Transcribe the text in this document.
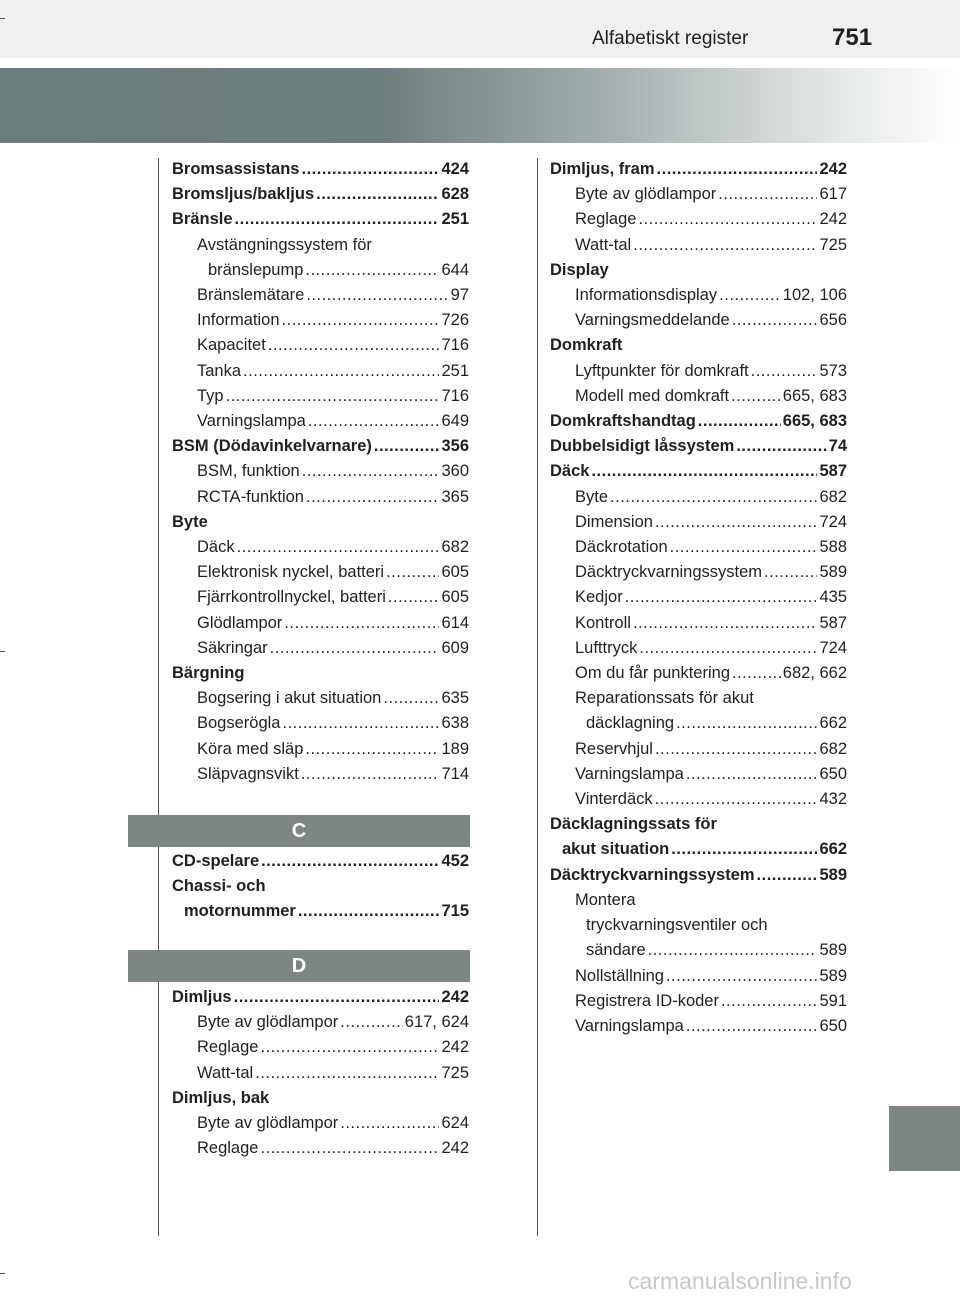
Alfabetiskt register	751
Bromsassistans .....	424
Bromsljus/bakljus .....	628
Bränsle .....	251
Avstängningssystem för
bränslepump .....	644
Bränslemätare .....	97
Information .....	726
Kapacitet .....	716
Tanka .....	251
Typ .....	716
Varningslampa .....	649
BSM (Dödavinkelvarnare) .....	356
BSM, funktion .....	360
RCTA-funktion .....	365
Byte
Däck .....	682
Elektronisk nyckel, batteri .....	605
Fjärrkontrollnyckel, batteri .....	605
Glödlampor .....	614
Säkringar .....	609
Bärgning
Bogsering i akut situation .....	635
Bogserögla .....	638
Köra med släp .....	189
Släpvagnsvikt .....	714
C
CD-spelare .....	452
Chassi- och
motornummer .....	715
D
Dimljus .....	242
Byte av glödlampor .....	617, 624
Reglage .....	242
Watt-tal .....	725
Dimljus, bak
Byte av glödlampor .....	624
Reglage .....	242
Dimljus, fram .....	242
Byte av glödlampor .....	617
Reglage .....	242
Watt-tal .....	725
Display
Informationsdisplay .....	102, 106
Varningsmeddelande .....	656
Domkraft
Lyftpunkter för domkraft .....	573
Modell med domkraft .....	665, 683
Domkraftshandtag .....	665, 683
Dubbelsidigt låssystem .....	74
Däck .....	587
Byte .....	682
Dimension .....	724
Däckrotation .....	588
Däcktryckvarningssystem .....	589
Kedjor .....	435
Kontroll .....	587
Lufttryck .....	724
Om du får punktering .....	682, 662
Reparationssats för akut
däcklagning .....	662
Reservhjul .....	682
Varningslampa .....	650
Vinterdäck .....	432
Däcklagningssats för
akut situation .....	662
Däcktryckvarningssystem .....	589
Montera
tryckvarningsventiler och
sändare .....	589
Nollställning .....	589
Registrera ID-koder .....	591
Varningslampa .....	650
carmanualsonline.info
